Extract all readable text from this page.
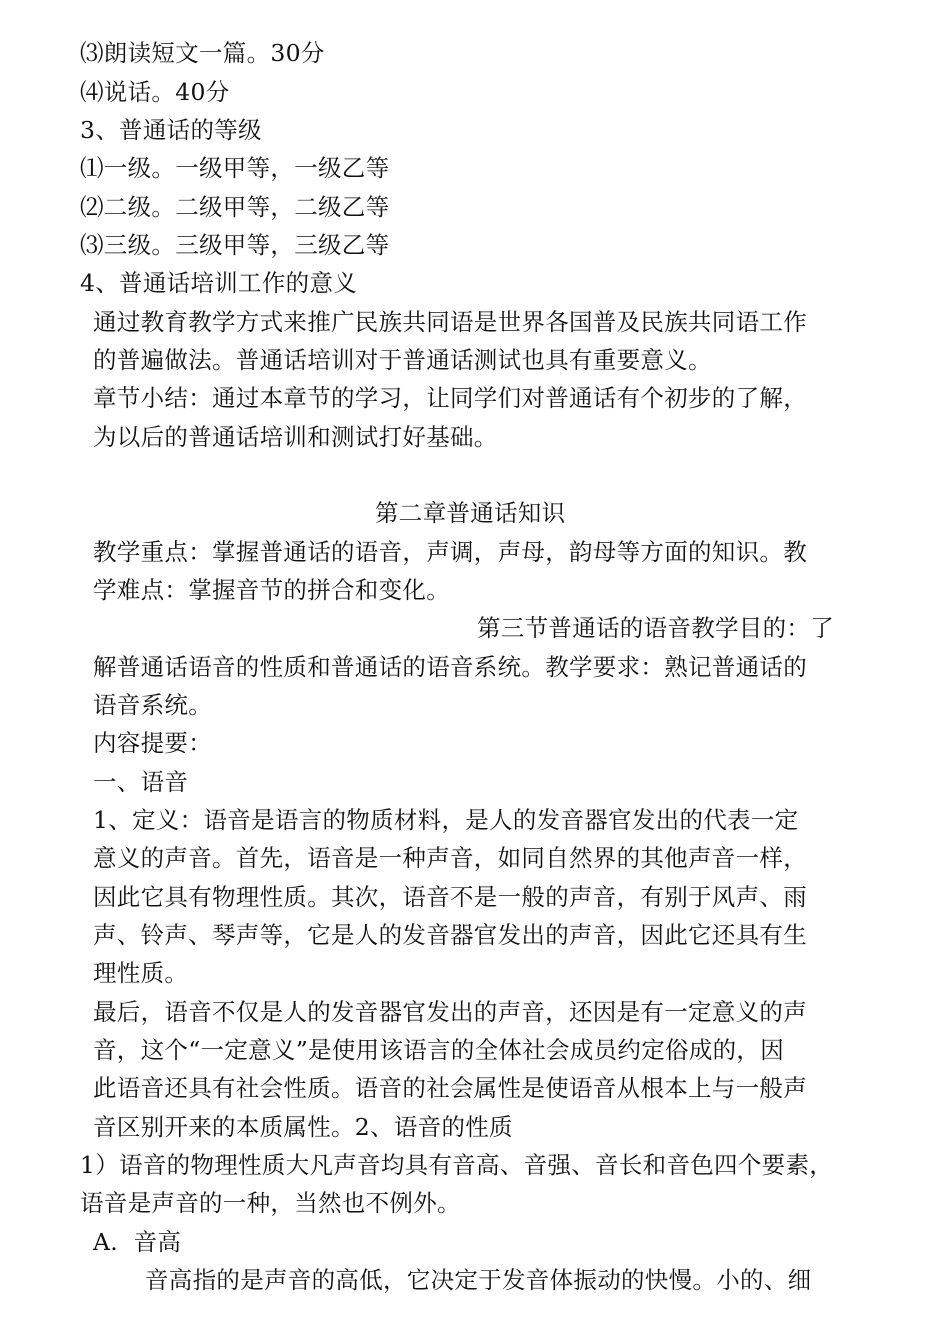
⑶朗读短文一篇。30分
⑷说话。40分
3、普通话的等级
⑴一级。一级甲等，一级乙等
⑵二级。二级甲等，二级乙等
⑶三级。三级甲等，三级乙等
4、普通话培训工作的意义
通过教育教学方式来推广民族共同语是世界各国普及民族共同语工作
的普遍做法。普通话培训对于普通话测试也具有重要意义。
章节小结：通过本章节的学习，让同学们对普通话有个初步的了解，
为以后的普通话培训和测试打好基础。
第二章普通话知识
教学重点：掌握普通话的语音，声调，声母，韵母等方面的知识。教
学难点：掌握音节的拼合和变化。
第三节普通话的语音教学目的：了
解普通话语音的性质和普通话的语音系统。教学要求：熟记普通话的
语音系统。
内容提要：
一、语音
1、定义：语音是语言的物质材料，是人的发音器官发出的代表一定
意义的声音。首先，语音是一种声音，如同自然界的其他声音一样，
因此它具有物理性质。其次，语音不是一般的声音，有别于风声、雨
声、铃声、琴声等，它是人的发音器官发出的声音，因此它还具有生
理性质。
最后，语音不仅是人的发音器官发出的声音，还因是有一定意义的声
音，这个“一定意义”是使用该语言的全体社会成员约定俗成的，因
此语音还具有社会性质。语音的社会属性是使语音从根本上与一般声
音区别开来的本质属性。2、语音的性质
1）语音的物理性质大凡声音均具有音高、音强、音长和音色四个要素，
语音是声音的一种，当然也不例外。
A.  音高
音高指的是声音的高低，它决定于发音体振动的快慢。小的、细
